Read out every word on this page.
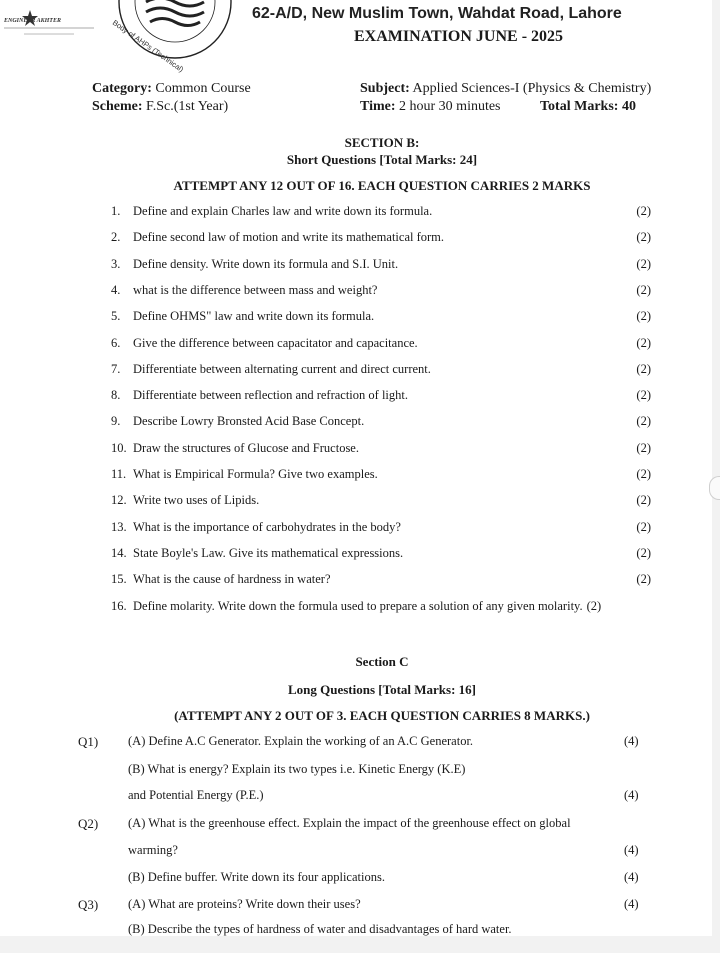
ENGINEER AKHTER	Body of AHPs (Technical)
62-A/D, New Muslim Town, Wahdat Road, Lahore
EXAMINATION JUNE - 2025
Category: Common Course
Scheme: F.Sc.(1st Year)
Subject: Applied Sciences-I (Physics & Chemistry)
Time: 2 hour 30 minutes	Total Marks: 40
SECTION B:
Short Questions [Total Marks: 24]
ATTEMPT ANY 12 OUT OF 16. EACH QUESTION CARRIES 2 MARKS
1. Define and explain Charles law and write down its formula.	(2)
2. Define second law of motion and write its mathematical form.	(2)
3. Define density. Write down its formula and S.I. Unit.	(2)
4. what is the difference between mass and weight?	(2)
5. Define OHMS" law and write down its formula.	(2)
6. Give the difference between capacitator and capacitance.	(2)
7. Differentiate between alternating current and direct current.	(2)
8. Differentiate between reflection and refraction of light.	(2)
9. Describe Lowry Bronsted Acid Base Concept.	(2)
10. Draw the structures of Glucose and Fructose.	(2)
11. What is Empirical Formula? Give two examples.	(2)
12. Write two uses of Lipids.	(2)
13. What is the importance of carbohydrates in the body?	(2)
14. State Boyle's Law. Give its mathematical expressions.	(2)
15. What is the cause of hardness in water?	(2)
16. Define molarity. Write down the formula used to prepare a solution of any given molarity. (2)
Section C
Long Questions [Total Marks: 16]
(ATTEMPT ANY 2 OUT OF 3. EACH QUESTION CARRIES 8 MARKS.)
Q1) (A) Define A.C Generator. Explain the working of an A.C Generator.	(4)
(B) What is energy? Explain its two types i.e. Kinetic Energy (K.E)
and Potential Energy (P.E.)	(4)
Q2) (A) What is the greenhouse effect. Explain the impact of the greenhouse effect on global
warming?	(4)
(B) Define buffer. Write down its four applications.	(4)
Q3) (A) What are proteins? Write down their uses?	(4)
(B) Describe the types of hardness of water and disadvantages of hard water.
